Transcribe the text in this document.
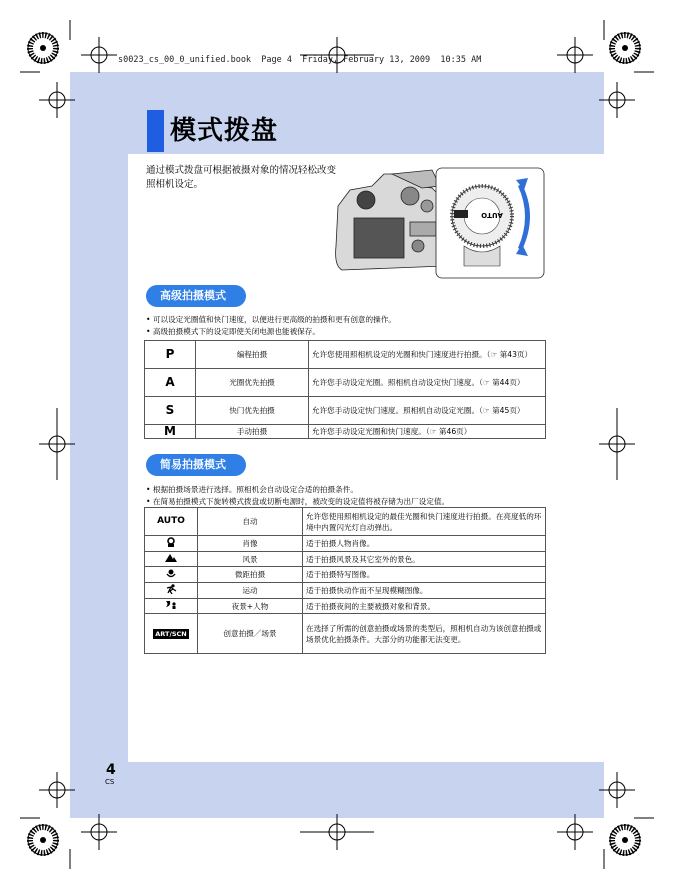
s0023_cs_00_0_unified.book  Page 4  Friday, February 13, 2009  10:35 AM
模式拨盘
通过模式拨盘可根据被摄对象的情况轻松改变照相机设定。
AUTO
高级拍摄模式
• 可以设定光圈值和快门速度，以便进行更高级的拍摄和更有创意的操作。
• 高级拍摄模式下的设定即使关闭电源也能被保存。
P	编程拍摄	允许您使用照相机设定的光圈和快门速度进行拍摄。（☞ 第43页）
A	光圈优先拍摄	允许您手动设定光圈。照相机自动设定快门速度。（☞ 第44页）
S	快门优先拍摄	允许您手动设定快门速度。照相机自动设定光圈。（☞ 第45页）
M	手动拍摄	允许您手动设定光圈和快门速度。（☞ 第46页）
简易拍摄模式
• 根据拍摄场景进行选择。照相机会自动设定合适的拍摄条件。
• 在简易拍摄模式下旋转模式拨盘或切断电源时，被改变的设定值将被存储为出厂设定值。
AUTO	自动	允许您使用照相机设定的最佳光圈和快门速度进行拍摄。在亮度低的环境中内置闪光灯自动弹出。
	肖像	适于拍摄人物肖像。
	风景	适于拍摄风景及其它室外的景色。
	微距拍摄	适于拍摄特写图像。
	运动	适于拍摄快动作而不呈现模糊图像。
	夜景+人物	适于拍摄夜间的主要被摄对象和背景。
ART/SCN	创意拍摄／场景	在选择了所需的创意拍摄或场景的类型后，照相机自动为该创意拍摄或场景优化拍摄条件。大部分的功能都无法变更。
4
CS
